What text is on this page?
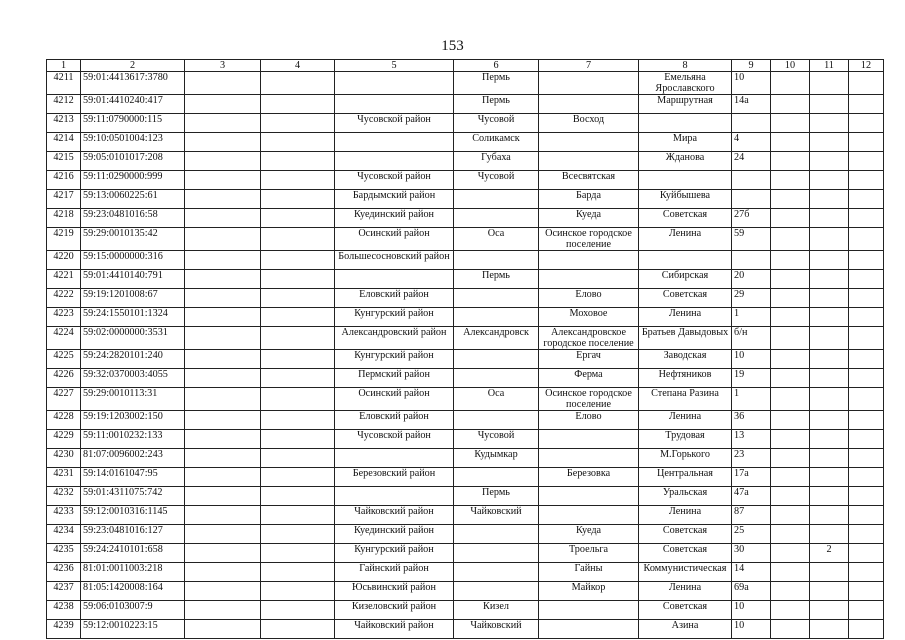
153
1	2	3	4	5	6	7	8	9	10	11	12
4211	59:01:4413617:3780				Пермь		Емельяна Ярославского	10			
4212	59:01:4410240:417				Пермь		Маршрутная	14а			
4213	59:11:0790000:115			Чусовской район	Чусовой	Восход					
4214	59:10:0501004:123				Соликамск		Мира	4			
4215	59:05:0101017:208				Губаха		Жданова	24			
4216	59:11:0290000:999			Чусовской район	Чусовой	Всесвятская					
4217	59:13:0060225:61			Бардымский район		Барда	Куйбышева				
4218	59:23:0481016:58			Куединский район		Куеда	Советская	27б			
4219	59:29:0010135:42			Осинский район	Оса	Осинское городское поселение	Ленина	59			
4220	59:15:0000000:316			Большесосновский район							
4221	59:01:4410140:791				Пермь		Сибирская	20			
4222	59:19:1201008:67			Еловский район		Елово	Советская	29			
4223	59:24:1550101:1324			Кунгурский район		Моховое	Ленина	1			
4224	59:02:0000000:3531			Александровский район	Александровск	Александровское городское поселение	Братьев Давыдовых	б/н			
4225	59:24:2820101:240			Кунгурский район		Ергач	Заводская	10			
4226	59:32:0370003:4055			Пермский район		Ферма	Нефтяников	19			
4227	59:29:0010113:31			Осинский район	Оса	Осинское городское поселение	Степана Разина	1			
4228	59:19:1203002:150			Еловский район		Елово	Ленина	36			
4229	59:11:0010232:133			Чусовской район	Чусовой		Трудовая	13			
4230	81:07:0096002:243				Кудымкар		М.Горького	23			
4231	59:14:0161047:95			Березовский район		Березовка	Центральная	17а			
4232	59:01:4311075:742				Пермь		Уральская	47а			
4233	59:12:0010316:1145			Чайковский район	Чайковский		Ленина	87			
4234	59:23:0481016:127			Куединский район		Куеда	Советская	25			
4235	59:24:2410101:658			Кунгурский район		Троельга	Советская	30		2	
4236	81:01:0011003:218			Гайнский район		Гайны	Коммунистическая	14			
4237	81:05:1420008:164			Юсьвинский район		Майкор	Ленина	69а			
4238	59:06:0103007:9			Кизеловский район	Кизел		Советская	10			
4239	59:12:0010223:15			Чайковский район	Чайковский		Азина	10			
